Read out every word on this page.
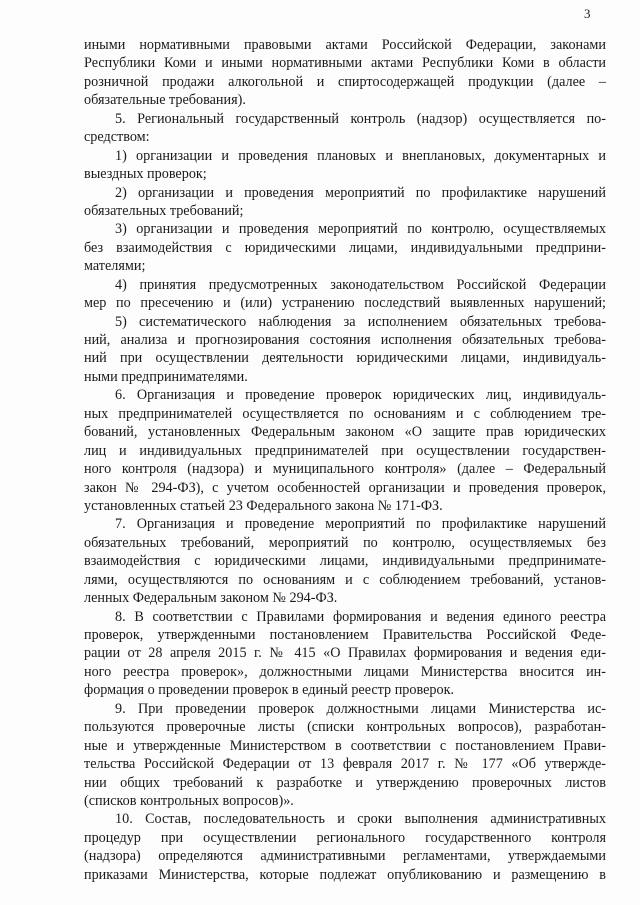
3
иными нормативными правовыми актами Российской Федерации, законами
Республики Коми и иными нормативными актами Республики Коми в области
розничной продажи алкогольной и спиртосодержащей продукции (далее –
обязательные требования).
5. Региональный государственный контроль (надзор) осуществляется по-
средством:
1) организации и проведения плановых и внеплановых, документарных и
выездных проверок;
2) организации и проведения мероприятий по профилактике нарушений
обязательных требований;
3) организации и проведения мероприятий по контролю, осуществляемых
без взаимодействия с юридическими лицами, индивидуальными предприни-
мателями;
4) принятия предусмотренных законодательством Российской Федерации
мер по пресечению и (или) устранению последствий выявленных нарушений;
5) систематического наблюдения за исполнением обязательных требова-
ний, анализа и прогнозирования состояния исполнения обязательных требова-
ний при осуществлении деятельности юридическими лицами, индивидуаль-
ными предпринимателями.
6. Организация и проведение проверок юридических лиц, индивидуаль-
ных предпринимателей осуществляется по основаниям и с соблюдением тре-
бований, установленных Федеральным законом «О защите прав юридических
лиц и индивидуальных предпринимателей при осуществлении государствен-
ного контроля (надзора) и муниципального контроля» (далее – Федеральный
закон № 294-ФЗ), с учетом особенностей организации и проведения проверок,
установленных статьей 23 Федерального закона № 171-ФЗ.
7. Организация и проведение мероприятий по профилактике нарушений
обязательных требований, мероприятий по контролю, осуществляемых без
взаимодействия с юридическими лицами, индивидуальными предпринимате-
лями, осуществляются по основаниям и с соблюдением требований, установ-
ленных Федеральным законом № 294-ФЗ.
8. В соответствии с Правилами формирования и ведения единого реестра
проверок, утвержденными постановлением Правительства Российской Феде-
рации от 28 апреля 2015 г. № 415 «О Правилах формирования и ведения еди-
ного реестра проверок», должностными лицами Министерства вносится ин-
формация о проведении проверок в единый реестр проверок.
9. При проведении проверок должностными лицами Министерства ис-
пользуются проверочные листы (списки контрольных вопросов), разработан-
ные и утвержденные Министерством в соответствии с постановлением Прави-
тельства Российской Федерации от 13 февраля 2017 г. № 177 «Об утвержде-
нии общих требований к разработке и утверждению проверочных листов
(списков контрольных вопросов)».
10. Состав, последовательность и сроки выполнения административных
процедур при осуществлении регионального государственного контроля
(надзора) определяются административными регламентами, утверждаемыми
приказами Министерства, которые подлежат опубликованию и размещению в
